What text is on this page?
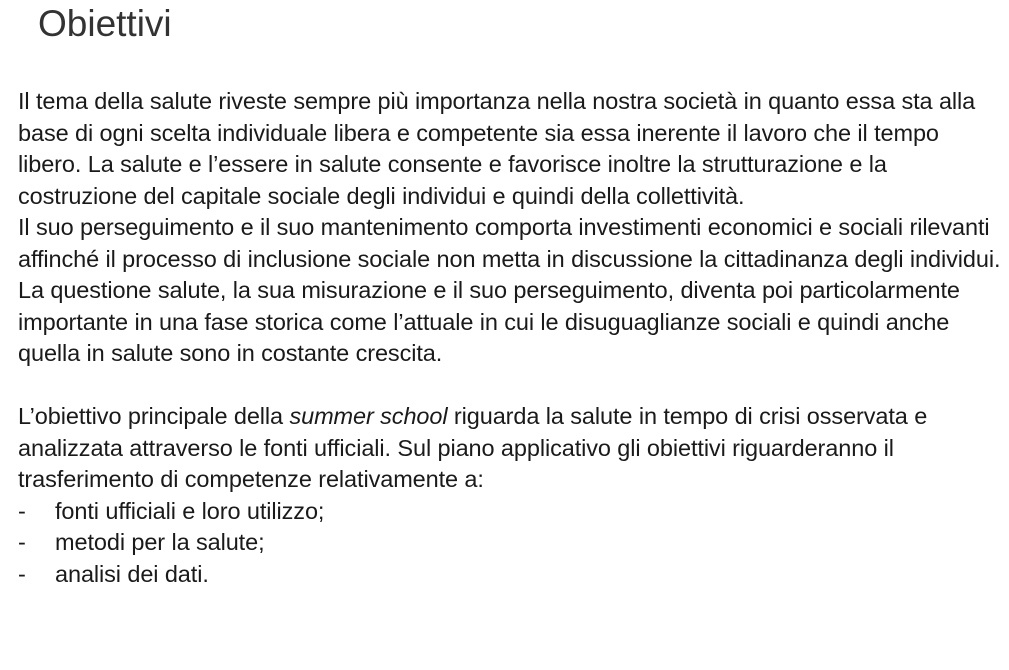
Obiettivi

Il tema della salute riveste sempre più importanza nella nostra società in quanto essa sta alla base di ogni scelta individuale libera e competente sia essa inerente il lavoro che il tempo libero. La salute e l’essere in salute consente e favorisce inoltre la strutturazione e la costruzione del capitale sociale degli individui e quindi della collettività.

Il suo perseguimento e il suo mantenimento comporta investimenti economici e sociali rilevanti affinché il processo di inclusione sociale non metta in discussione la cittadinanza degli individui.

La questione salute, la sua misurazione e il suo perseguimento, diventa poi particolarmente importante in una fase storica come l’attuale in cui le disuguaglianze sociali e quindi anche quella in salute sono in costante crescita.

L’obiettivo principale della summer school riguarda la salute in tempo di crisi osservata e analizzata attraverso le fonti ufficiali. Sul piano applicativo gli obiettivi riguarderanno il trasferimento di competenze relativamente a:

- fonti ufficiali e loro utilizzo;
- metodi per la salute;
- analisi dei dati.
